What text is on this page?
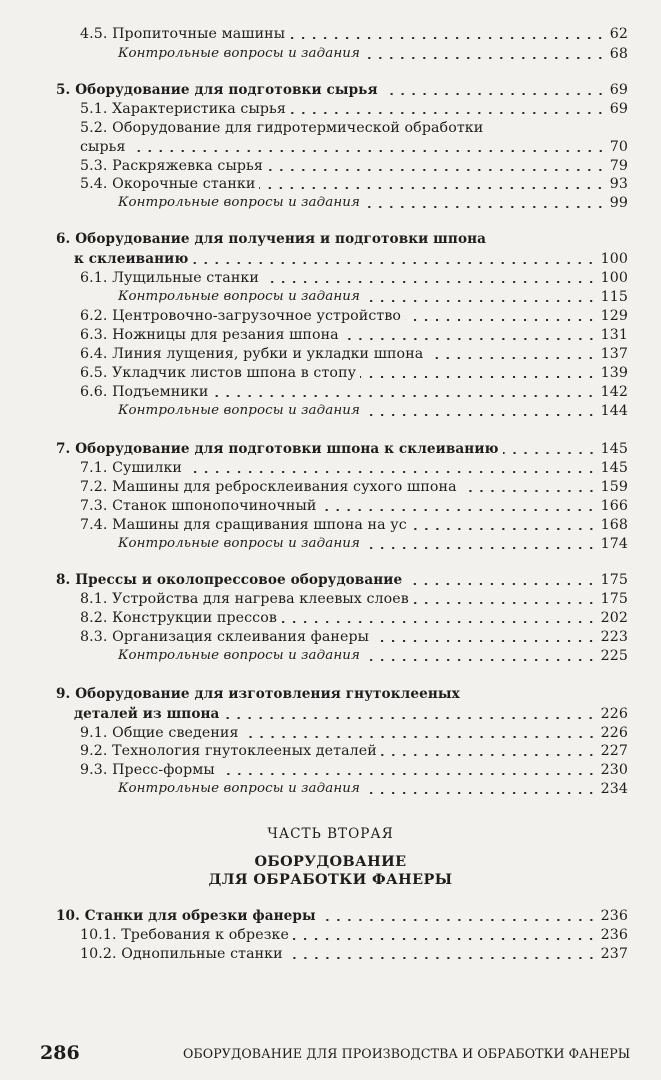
4.5. Пропиточные машины	62
Контрольные вопросы и задания	68
5. Оборудование для подготовки сырья	69
5.1. Характеристика сырья	69
5.2. Оборудование для гидротермической обработки
сырья	70
5.3. Раскряжевка сырья	79
5.4. Окорочные станки	93
Контрольные вопросы и задания	99
6. Оборудование для получения и подготовки шпона
к склеиванию	100
6.1. Лущильные станки	100
Контрольные вопросы и задания	115
6.2. Центровочно-загрузочное устройство	129
6.3. Ножницы для резания шпона	131
6.4. Линия лущения, рубки и укладки шпона	137
6.5. Укладчик листов шпона в стопу	139
6.6. Подъемники	142
Контрольные вопросы и задания	144
7. Оборудование для подготовки шпона к склеиванию	145
7.1. Сушилки	145
7.2. Машины для ребросклеивания сухого шпона	159
7.3. Станок шпонопочиночный	166
7.4. Машины для сращивания шпона на ус	168
Контрольные вопросы и задания	174
8. Прессы и околопрессовое оборудование	175
8.1. Устройства для нагрева клеевых слоев	175
8.2. Конструкции прессов	202
8.3. Организация склеивания фанеры	223
Контрольные вопросы и задания	225
9. Оборудование для изготовления гнутоклееных
деталей из шпона	226
9.1. Общие сведения	226
9.2. Технология гнутоклееных деталей	227
9.3. Пресс-формы	230
Контрольные вопросы и задания	234
10. Станки для обрезки фанеры	236
10.1. Требования к обрезке	236
10.2. Однопильные станки	237
ЧАСТЬ ВТОРАЯ
ОБОРУДОВАНИЕ
ДЛЯ ОБРАБОТКИ ФАНЕРЫ
286	ОБОРУДОВАНИЕ ДЛЯ ПРОИЗВОДСТВА И ОБРАБОТКИ ФАНЕРЫ
